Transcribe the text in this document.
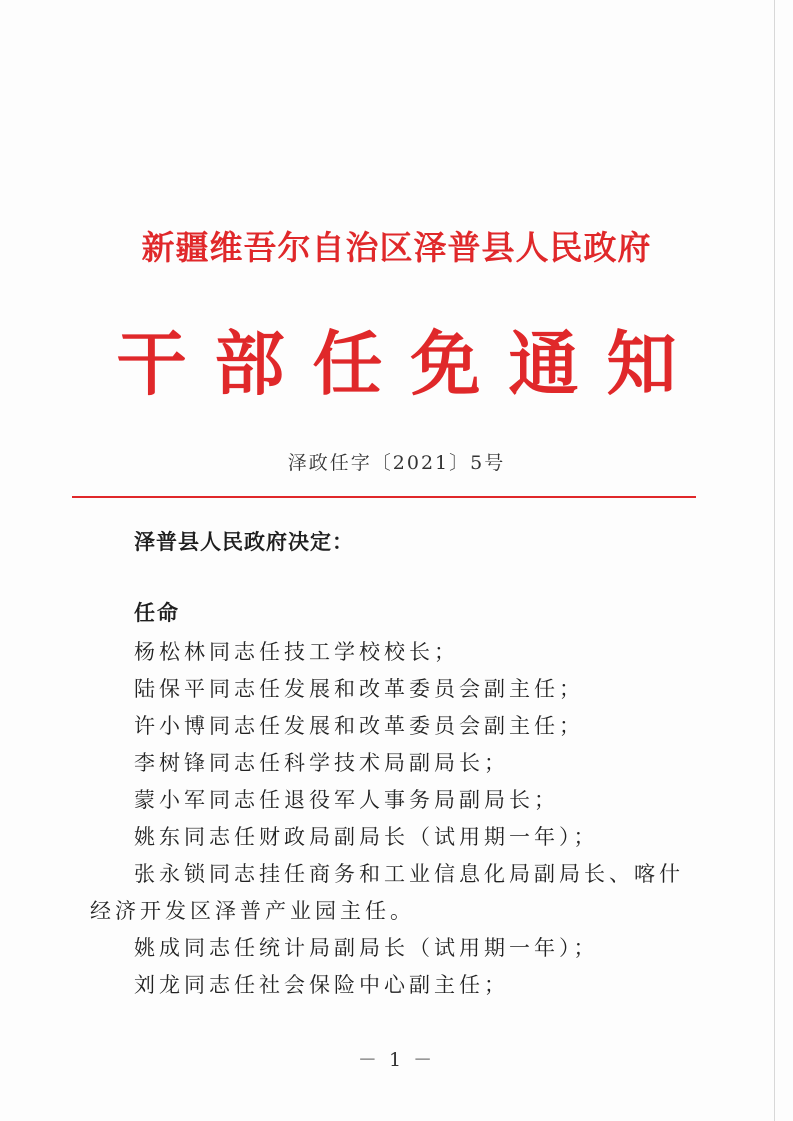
新疆维吾尔自治区泽普县人民政府
干部任免通知
泽政任字〔2021〕5号
泽普县人民政府决定：
任命

杨松林同志任技工学校校长；

陆保平同志任发展和改革委员会副主任；

许小博同志任发展和改革委员会副主任；

李树锋同志任科学技术局副局长；

蒙小军同志任退役军人事务局副局长；

姚东同志任财政局副局长（试用期一年）；

张永锁同志挂任商务和工业信息化局副局长、喀什经济开发区泽普产业园主任。

姚成同志任统计局副局长（试用期一年）；

刘龙同志任社会保险中心副主任；

－ 1 －
